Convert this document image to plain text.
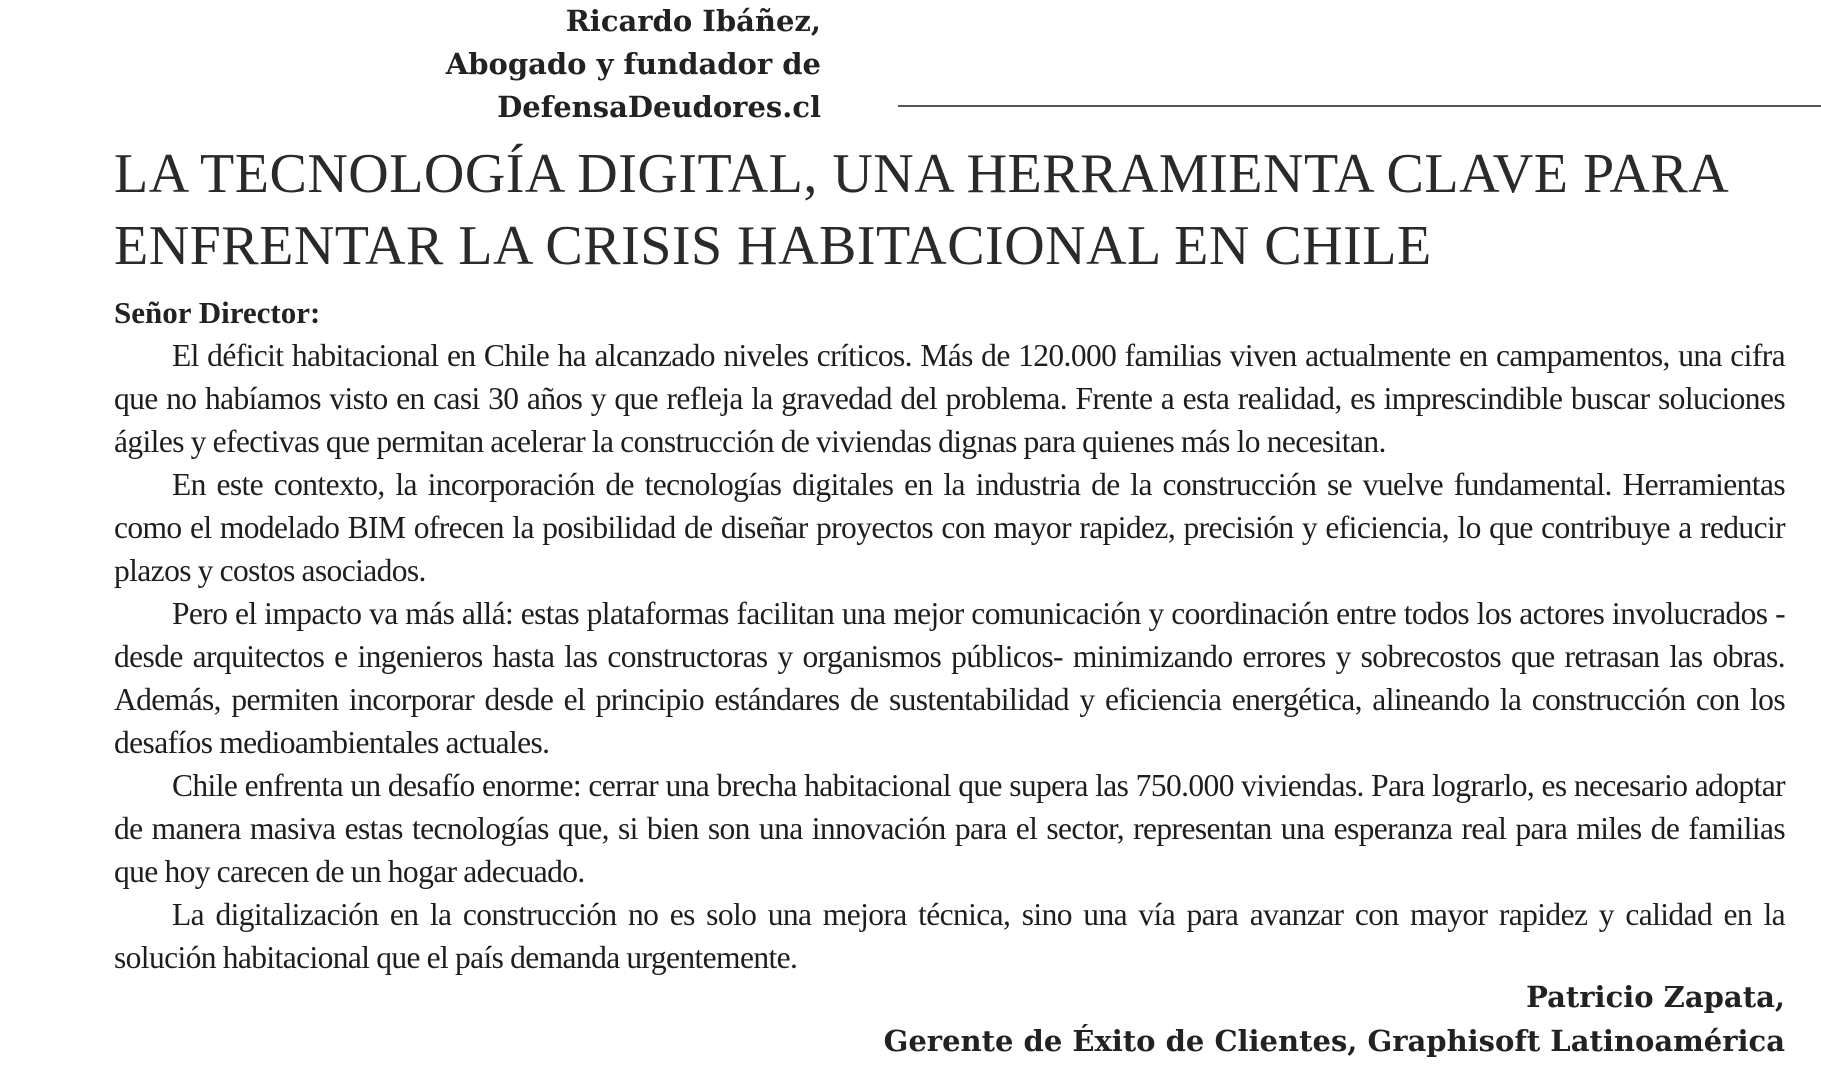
Ricardo Ibáñez,
Abogado y fundador de
DefensaDeudores.cl
LA TECNOLOGÍA DIGITAL, UNA HERRAMIENTA CLAVE PARA
ENFRENTAR LA CRISIS HABITACIONAL EN CHILE
Señor Director:

El déficit habitacional en Chile ha alcanzado niveles críticos. Más de 120.000 familias viven actualmente en campamentos, una cifra que no habíamos visto en casi 30 años y que refleja la gravedad del problema. Frente a esta realidad, es imprescindible buscar soluciones ágiles y efectivas que permitan acelerar la construcción de viviendas dignas para quienes más lo necesitan.

En este contexto, la incorporación de tecnologías digitales en la industria de la construcción se vuelve fundamental. Herramientas como el modelado BIM ofrecen la posibilidad de diseñar proyectos con mayor rapidez, precisión y eficiencia, lo que contribuye a reducir plazos y costos asociados.

Pero el impacto va más allá: estas plataformas facilitan una mejor comunicación y coordinación entre todos los actores involucrados -desde arquitectos e ingenieros hasta las constructoras y organismos públicos- minimizando errores y sobrecostos que retrasan las obras. Además, permiten incorporar desde el principio estándares de sustentabilidad y eficiencia energética, alineando la construcción con los desafíos medioambientales actuales.

Chile enfrenta un desafío enorme: cerrar una brecha habitacional que supera las 750.000 viviendas. Para lograrlo, es necesario adoptar de manera masiva estas tecnologías que, si bien son una innovación para el sector, representan una esperanza real para miles de familias que hoy carecen de un hogar adecuado.

La digitalización en la construcción no es solo una mejora técnica, sino una vía para avanzar con mayor rapidez y calidad en la solución habitacional que el país demanda urgentemente.

Patricio Zapata,
Gerente de Éxito de Clientes, Graphisoft Latinoamérica
